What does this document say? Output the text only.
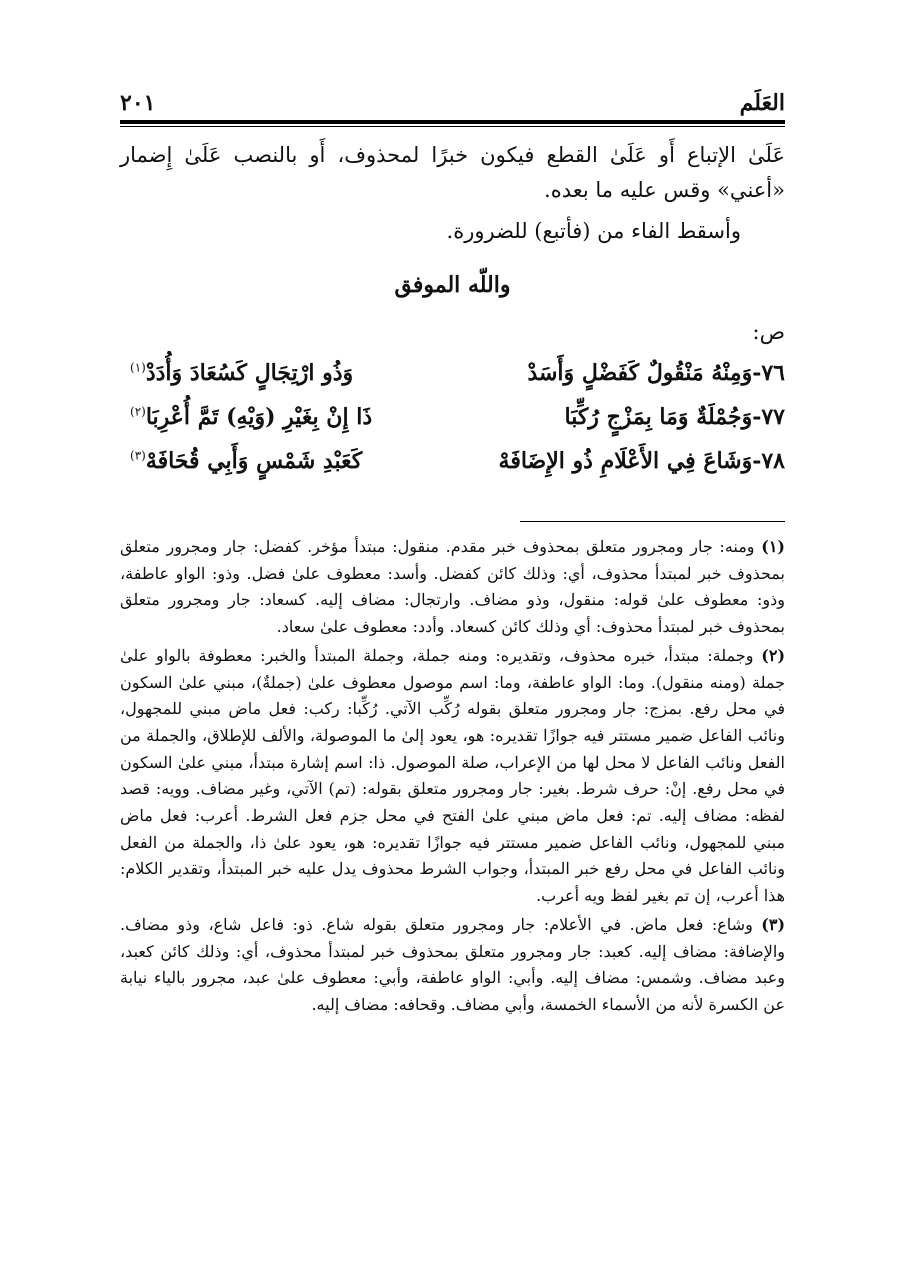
العَلَم
٢٠١

عَلَىٰ الإتباع أَو عَلَىٰ القطع فيكون خبرًا لمحذوف، أَو بالنصب عَلَىٰ إِضمار «أعني» وقس عليه ما بعده.

وأسقط الفاء من (فأتبع) للضرورة.

واللّه الموفق
ص:
٧٦-وَمِنْهُ مَنْقُولٌ كَفَضْلٍ وَأَسَدْ
وَذُو ارْتِجَالٍ كَسُعَادَ وَأُدَدْ$^{(١)}$
٧٧-وَجُمْلَةٌ وَمَا بِمَزْجٍ رُكِّبَا
ذَا إِنْ بِغَيْرِ (وَيْهِ) تَمَّ أُعْرِبَا$^{(٢)}$
٧٨-وَشَاعَ فِي الأَعْلَامِ ذُو الإِضَافَهْ
كَعَبْدِ شَمْسٍ وَأَبِي قُحَافَهْ$^{(٣)}$

(١) ومنه: جار ومجرور متعلق بمحذوف خبر مقدم. منقول: مبتدأ مؤخر. كفضل: جار ومجرور متعلق بمحذوف خبر لمبتدأ محذوف، أي: وذلك كائن كفضل. وأسد: معطوف علىٰ فضل. وذو: الواو عاطفة، وذو: معطوف علىٰ قوله: منقول، وذو مضاف. وارتجال: مضاف إليه. كسعاد: جار ومجرور متعلق بمحذوف خبر لمبتدأ محذوف: أي وذلك كائن كسعاد. وأدد: معطوف علىٰ سعاد.

(٢) وجملة: مبتدأ، خبره محذوف، وتقديره: ومنه جملة، وجملة المبتدأ والخبر: معطوفة بالواو علىٰ جملة (ومنه منقول). وما: الواو عاطفة، وما: اسم موصول معطوف علىٰ (جملةٌ)، مبني علىٰ السكون في محل رفع. بمزج: جار ومجرور متعلق بقوله رُكِّب الآتي. رُكِّبا: ركب: فعل ماض مبني للمجهول، ونائب الفاعل ضمير مستتر فيه جوازًا تقديره: هو، يعود إلىٰ ما الموصولة، والألف للإطلاق، والجملة من الفعل ونائب الفاعل لا محل لها من الإعراب، صلة الموصول. ذا: اسم إشارة مبتدأ، مبني علىٰ السكون في محل رفع. إنْ: حرف شرط. بغير: جار ومجرور متعلق بقوله: (تم) الآتي، وغير مضاف. وويه: قصد لفظه: مضاف إليه. تم: فعل ماض مبني علىٰ الفتح في محل جزم فعل الشرط. أعرب: فعل ماض مبني للمجهول، ونائب الفاعل ضمير مستتر فيه جوازًا تقديره: هو، يعود علىٰ ذا، والجملة من الفعل ونائب الفاعل في محل رفع خبر المبتدأ، وجواب الشرط محذوف يدل عليه خبر المبتدأ، وتقدير الكلام: هذا أعرب، إن تم بغير لفظ ويه أعرب.

(٣) وشاع: فعل ماض. في الأعلام: جار ومجرور متعلق بقوله شاع. ذو: فاعل شاع، وذو مضاف. والإضافة: مضاف إليه. كعبد: جار ومجرور متعلق بمحذوف خبر لمبتدأ محذوف، أي: وذلك كائن كعبد، وعبد مضاف. وشمس: مضاف إليه. وأبي: الواو عاطفة، وأبي: معطوف علىٰ عبد، مجرور بالياء نيابة عن الكسرة لأنه من الأسماء الخمسة، وأبي مضاف. وقحافه: مضاف إليه.
